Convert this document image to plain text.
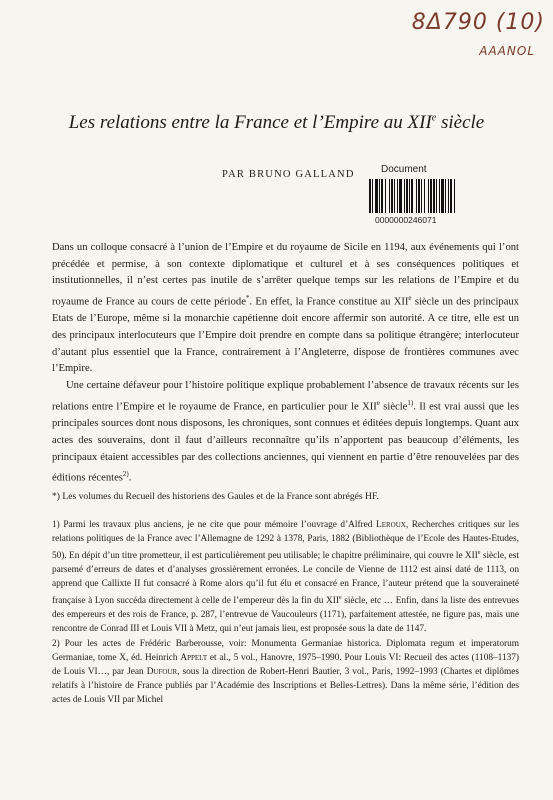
8Δ790 (10)
AAANOL
Les relations entre la France et l’Empire au XIIe siècle
PAR BRUNO GALLAND	Document
0000000246071

Dans un colloque consacré à l’union de l’Empire et du royaume de Sicile en 1194, aux événements qui l’ont précédée et permise, à son contexte diplomatique et culturel et à ses conséquences politiques et institutionnelles, il n’est certes pas inutile de s’arrêter quelque temps sur les relations de l’Empire et du royaume de France au cours de cette période*. En effet, la France constitue au XIIe siècle un des principaux Etats de l’Europe, même si la monarchie capétienne doit encore affermir son autorité. A ce titre, elle est un des principaux interlocuteurs que l’Empire doit prendre en compte dans sa politique étrangère; interlocuteur d’autant plus essentiel que la France, contrairement à l’Angleterre, dispose de frontières communes avec l’Empire.

Une certaine défaveur pour l’histoire politique explique probablement l’absence de travaux récents sur les relations entre l’Empire et le royaume de France, en particulier pour le XIIe siècle$^{1)}$. Il est vrai aussi que les principales sources dont nous disposons, les chroniques, sont connues et éditées depuis longtemps. Quant aux actes des souverains, dont il faut d’ailleurs reconnaître qu’ils n’apportent pas beaucoup d’éléments, les principaux étaient accessibles par des collections anciennes, qui viennent en partie d’être renouvelées par des éditions récentes$^{2)}$.

*) Les volumes du Recueil des historiens des Gaules et de la France sont abrégés HF.

1) Parmi les travaux plus anciens, je ne cite que pour mémoire l’ouvrage d’Alfred Leroux, Recherches critiques sur les relations politiques de la France avec l’Allemagne de 1292 à 1378, Paris, 1882 (Bibliothèque de l’Ecole des Hautes-Etudes, 50). En dépit d’un titre prometteur, il est particulièrement peu utilisable; le chapitre préliminaire, qui couvre le XIIe siècle, est parsemé d’erreurs de dates et d’analyses grossièrement erronées. Le concile de Vienne de 1112 est ainsi daté de 1113, on apprend que Callixte II fut consacré à Rome alors qu’il fut élu et consacré en France, l’auteur prétend que la souveraineté française à Lyon succéda directement à celle de l’empereur dès la fin du XIIe siècle, etc … Enfin, dans la liste des entrevues des empereurs et des rois de France, p. 287, l’entrevue de Vaucouleurs (1171), parfaitement attestée, ne figure pas, mais une rencontre de Conrad III et Louis VII à Metz, qui n’eut jamais lieu, est proposée sous la date de 1147.

2) Pour les actes de Frédéric Barberousse, voir: Monumenta Germaniae historica. Diplomata regum et imperatorum Germaniae, tome X, éd. Heinrich Appelt et al., 5 vol., Hanovre, 1975–1990. Pour Louis VI: Recueil des actes (1108–1137) de Louis VI…, par Jean Dufour, sous la direction de Robert-Henri Bautier, 3 vol., Paris, 1992–1993 (Chartes et diplômes relatifs à l’histoire de France publiés par l’Académie des Inscriptions et Belles-Lettres). Dans la même série, l’édition des actes de Louis VII par Michel
